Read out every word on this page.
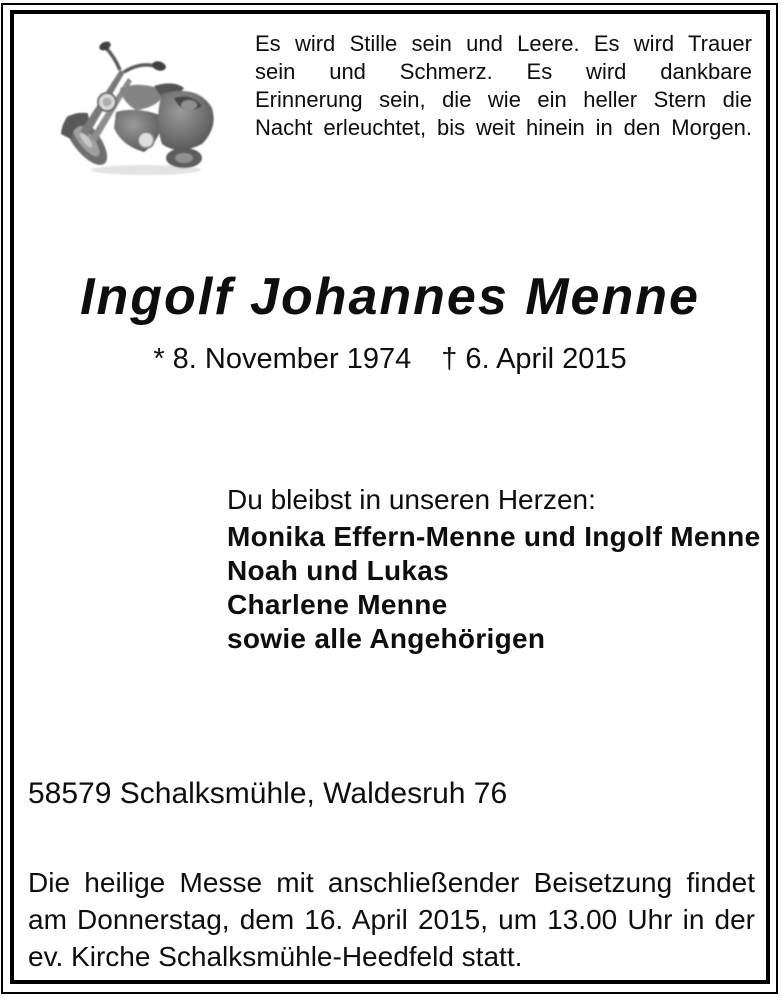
Es wird Stille sein und Leere. Es wird Trauer
sein und Schmerz. Es wird dankbare
Erinnerung sein, die wie ein heller Stern die
Nacht erleuchtet, bis weit hinein in den Morgen.
Ingolf Johannes Menne
* 8. November 1974 † 6. April 2015
Du bleibst in unseren Herzen:
Monika Effern-Menne und Ingolf Menne
Noah und Lukas
Charlene Menne
sowie alle Angehörigen
58579 Schalksmühle, Waldesruh 76
Die heilige Messe mit anschließender Beisetzung findet
am Donnerstag, dem 16. April 2015, um 13.00 Uhr in der
ev. Kirche Schalksmühle-Heedfeld statt.
